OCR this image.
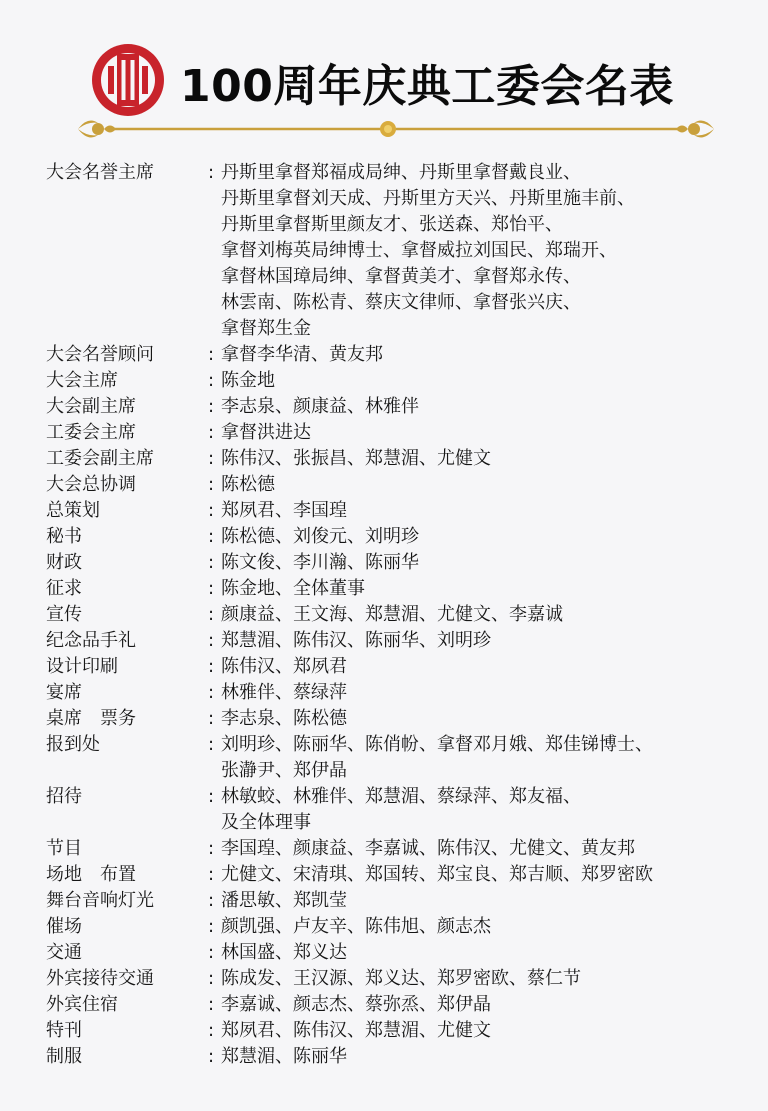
100周年庆典工委会名表
大会名誉主席	: 丹斯里拿督郑福成局绅、丹斯里拿督戴良业、
丹斯里拿督刘天成、丹斯里方天兴、丹斯里施丰前、
丹斯里拿督斯里颜友才、张送森、郑怡平、
拿督刘梅英局绅博士、拿督威拉刘国民、郑瑞开、
拿督林国璋局绅、拿督黄美才、拿督郑永传、
林雲南、陈松青、蔡庆文律师、拿督张兴庆、
拿督郑生金
大会名誉顾问	: 拿督李华清、黄友邦
大会主席	: 陈金地
大会副主席	: 李志泉、颜康益、林雅伴
工委会主席	: 拿督洪进达
工委会副主席	: 陈伟汉、张振昌、郑慧湄、尤健文
大会总协调	: 陈松德
总策划	: 郑夙君、李国瑝
秘书	: 陈松德、刘俊元、刘明珍
财政	: 陈文俊、李川瀚、陈丽华
征求	: 陈金地、全体董事
宣传	: 颜康益、王文海、郑慧湄、尤健文、李嘉诚
纪念品手礼	: 郑慧湄、陈伟汉、陈丽华、刘明珍
设计印刷	: 陈伟汉、郑夙君
宴席	: 林雅伴、蔡绿萍
桌席　票务	: 李志泉、陈松德
报到处	: 刘明珍、陈丽华、陈俏帉、拿督邓月娥、郑佳锑博士、
张瀞尹、郑伊晶
招待	: 林敏蛟、林雅伴、郑慧湄、蔡绿萍、郑友福、
及全体理事
节目	: 李国瑝、颜康益、李嘉诚、陈伟汉、尤健文、黄友邦
场地　布置	: 尤健文、宋清琪、郑国转、郑宝良、郑吉顺、郑罗密欧
舞台音响灯光	: 潘思敏、郑凯莹
催场	: 颜凯强、卢友辛、陈伟旭、颜志杰
交通	: 林国盛、郑义达
外宾接待交通	: 陈成发、王汉源、郑义达、郑罗密欧、蔡仁节
外宾住宿	: 李嘉诚、颜志杰、蔡弥烝、郑伊晶
特刊	: 郑夙君、陈伟汉、郑慧湄、尤健文
制服	: 郑慧湄、陈丽华
